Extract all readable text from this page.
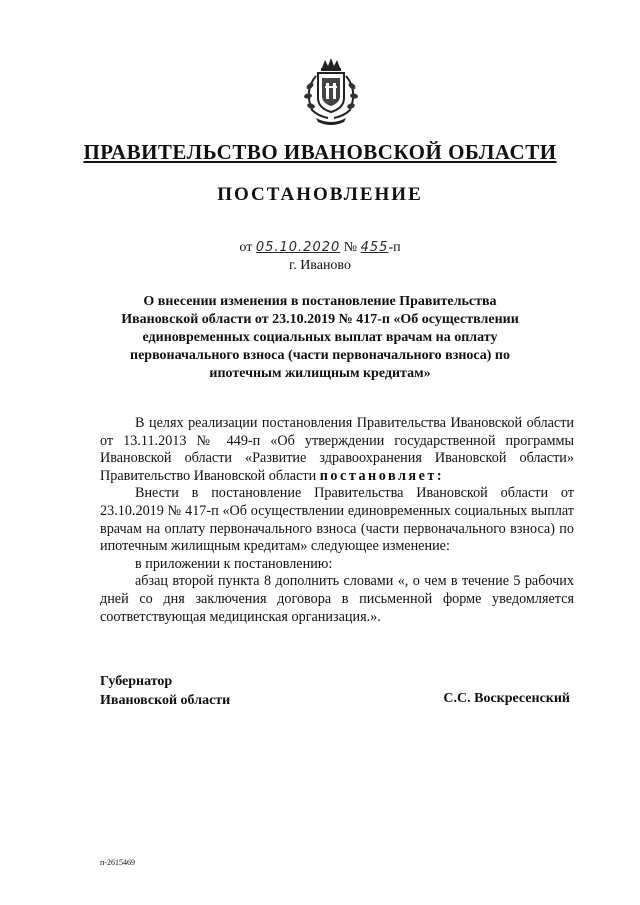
ПРАВИТЕЛЬСТВО ИВАНОВСКОЙ ОБЛАСТИ
ПОСТАНОВЛЕНИЕ
от 05.10.2020 № 455-п
г. Иваново
О внесении изменения в постановление Правительства Ивановской области от 23.10.2019 № 417-п «Об осуществлении единовременных социальных выплат врачам на оплату первоначального взноса (части первоначального взноса) по ипотечным жилищным кредитам»

В целях реализации постановления Правительства Ивановской области от 13.11.2013 № 449-п «Об утверждении государственной программы Ивановской области «Развитие здравоохранения Ивановской области» Правительство Ивановской области постановляет:

Внести в постановление Правительства Ивановской области от 23.10.2019 № 417-п «Об осуществлении единовременных социальных выплат врачам на оплату первоначального взноса (части первоначального взноса) по ипотечным жилищным кредитам» следующее изменение:

в приложении к постановлению:

абзац второй пункта 8 дополнить словами «, о чем в течение 5 рабочих дней со дня заключения договора в письменной форме уведомляется соответствующая медицинская организация.».

Губернатор
Ивановской области	С.С. Воскресенский
п-2615469
